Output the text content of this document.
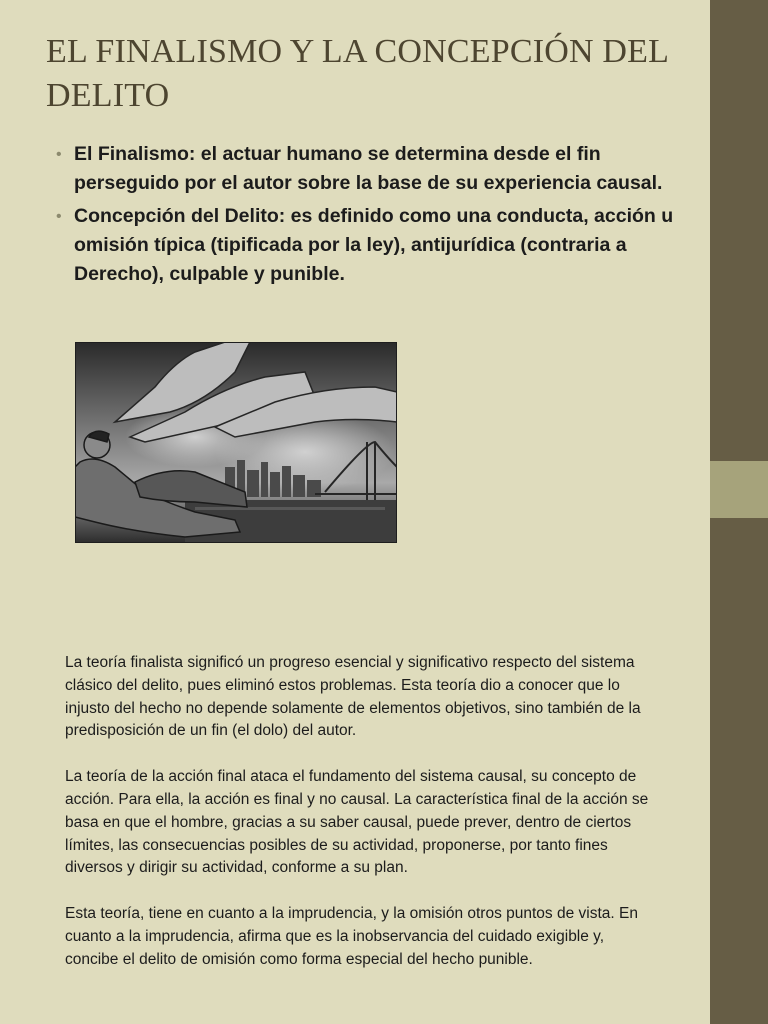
EL FINALISMO Y LA CONCEPCIÓN DEL DELITO
• El Finalismo: el actuar humano se determina desde el fin perseguido por el autor sobre la base de su experiencia causal.
• Concepción del Delito: es definido como una conducta, acción u omisión típica (tipificada por la ley), antijurídica (contraria a Derecho), culpable y punible.

La teoría finalista significó un progreso esencial y significativo respecto del sistema clásico del delito, pues eliminó estos problemas. Esta teoría dio a conocer que lo injusto del hecho no depende solamente de elementos objetivos, sino también de la predisposición de un fin (el dolo) del autor.

La teoría de la acción final ataca el fundamento del sistema causal, su concepto de acción. Para ella, la acción es final y no causal. La característica final de la acción se basa en que el hombre, gracias a su saber causal, puede prever, dentro de ciertos límites, las consecuencias posibles de su actividad, proponerse, por tanto fines diversos y dirigir su actividad, conforme a su plan.

Esta teoría, tiene en cuanto a la imprudencia, y la omisión otros puntos de vista. En cuanto a la imprudencia, afirma que es la inobservancia del cuidado exigible y, concibe el delito de omisión como forma especial del hecho punible.
